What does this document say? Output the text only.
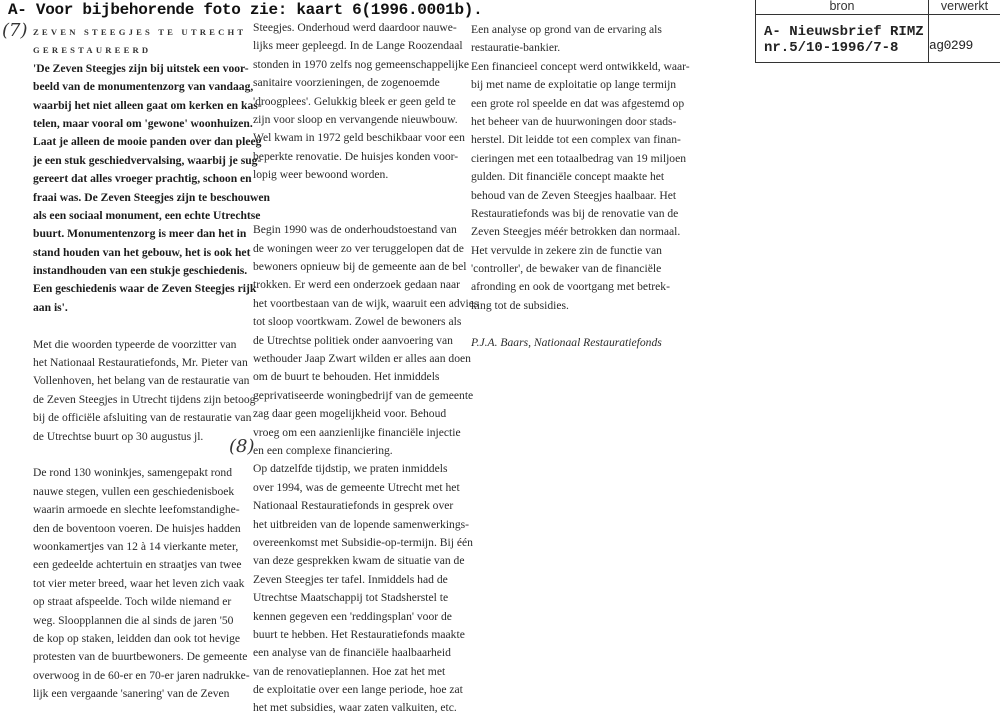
A- Voor bijbehorende foto zie: kaart 6(1996.0001b).	bron	verwerkt
A- Nieuwsbrief RIMZ
nr.5/10-1996/7-8	ag0299
(7)
(8)
ZEVEN STEEGJES TE UTRECHT
GERESTAUREERD
'De Zeven Steegjes zijn bij uitstek een voor-
beeld van de monumentenzorg van vandaag,
waarbij het niet alleen gaat om kerken en kas-
telen, maar vooral om 'gewone' woonhuizen.
Laat je alleen de mooie panden over dan pleeg
je een stuk geschiedvervalsing, waarbij je sug-
gereert dat alles vroeger prachtig, schoon en
fraai was. De Zeven Steegjes zijn te beschouwen
als een sociaal monument, een echte Utrechtse
buurt. Monumentenzorg is meer dan het in
stand houden van het gebouw, het is ook het
instandhouden van een stukje geschiedenis.
Een geschiedenis waar de Zeven Steegjes rijk
aan is'.
Met die woorden typeerde de voorzitter van
het Nationaal Restauratiefonds, Mr. Pieter van
Vollenhoven, het belang van de restauratie van
de Zeven Steegjes in Utrecht tijdens zijn betoog
bij de officiële afsluiting van de restauratie van
de Utrechtse buurt op 30 augustus jl.
De rond 130 woninkjes, samengepakt rond
nauwe stegen, vullen een geschiedenisboek
waarin armoede en slechte leefomstandighe-
den de boventoon voeren. De huisjes hadden
woonkamertjes van 12 à 14 vierkante meter,
een gedeelde achtertuin en straatjes van twee
tot vier meter breed, waar het leven zich vaak
op straat afspeelde. Toch wilde niemand er
weg. Sloopplannen die al sinds de jaren '50
de kop op staken, leidden dan ook tot hevige
protesten van de buurtbewoners. De gemeente
overwoog in de 60-er en 70-er jaren nadrukke-
lijk een vergaande 'sanering' van de Zeven
Steegjes. Onderhoud werd daardoor nauwe-
lijks meer gepleegd. In de Lange Roozendaal
stonden in 1970 zelfs nog gemeenschappelijke
sanitaire voorzieningen, de zogenoemde
'droogplees'. Gelukkig bleek er geen geld te
zijn voor sloop en vervangende nieuwbouw.
Wel kwam in 1972 geld beschikbaar voor een
beperkte renovatie. De huisjes konden voor-
lopig weer bewoond worden.
Begin 1990 was de onderhoudstoestand van
de woningen weer zo ver teruggelopen dat de
bewoners opnieuw bij de gemeente aan de bel
trokken. Er werd een onderzoek gedaan naar
het voortbestaan van de wijk, waaruit een advies
tot sloop voortkwam. Zowel de bewoners als
de Utrechtse politiek onder aanvoering van
wethouder Jaap Zwart wilden er alles aan doen
om de buurt te behouden. Het inmiddels
geprivatiseerde woningbedrijf van de gemeente
zag daar geen mogelijkheid voor. Behoud
vroeg om een aanzienlijke financiële injectie
en een complexe financiering.
Op datzelfde tijdstip, we praten inmiddels
over 1994, was de gemeente Utrecht met het
Nationaal Restauratiefonds in gesprek over
het uitbreiden van de lopende samenwerkings-
overeenkomst met Subsidie-op-termijn. Bij één
van deze gesprekken kwam de situatie van de
Zeven Steegjes ter tafel. Inmiddels had de
Utrechtse Maatschappij tot Stadsherstel te
kennen gegeven een 'reddingsplan' voor de
buurt te hebben. Het Restauratiefonds maakte
een analyse van de financiële haalbaarheid
van de renovatieplannen. Hoe zat het met
de exploitatie over een lange periode, hoe zat
het met subsidies, waar zaten valkuiten, etc.
Een analyse op grond van de ervaring als
restauratie-bankier.
Een financieel concept werd ontwikkeld, waar-
bij met name de exploitatie op lange termijn
een grote rol speelde en dat was afgestemd op
het beheer van de huurwoningen door stads-
herstel. Dit leidde tot een complex van finan-
cieringen met een totaalbedrag van 19 miljoen
gulden. Dit financiële concept maakte het
behoud van de Zeven Steegjes haalbaar. Het
Restauratiefonds was bij de renovatie van de
Zeven Steegjes méér betrokken dan normaal.
Het vervulde in zekere zin de functie van
'controller', de bewaker van de financiële
afronding en ook de voortgang met betrek-
king tot de subsidies.
P.J.A. Baars, Nationaal Restauratiefonds
